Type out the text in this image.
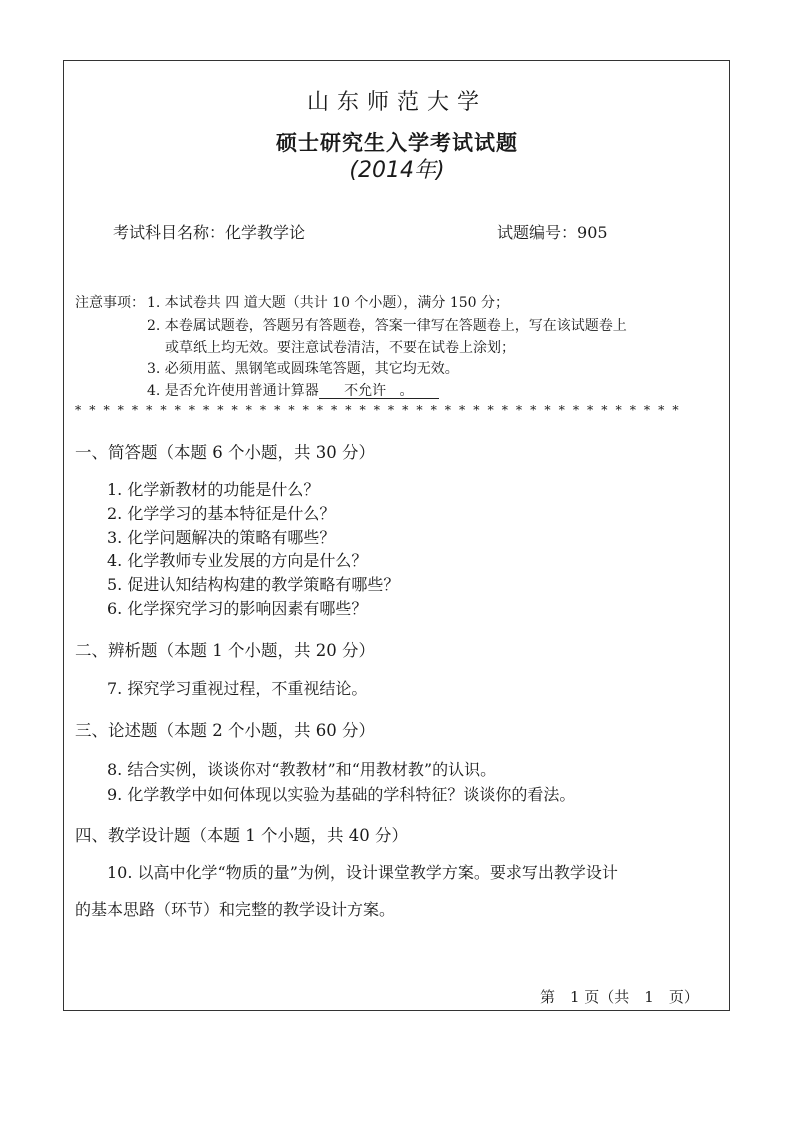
山东师范大学
硕士研究生入学考试试题
(2014年)
考试科目名称：化学教学论	试题编号：905
注意事项： 1. 本试卷共 四 道大题（共计 10 个小题），满分 150 分；
2. 本卷属试题卷，答题另有答题卷，答案一律写在答题卷上，写在该试题卷上
或草纸上均无效。要注意试卷清洁，不要在试卷上涂划；
3. 必须用蓝、黑钢笔或圆珠笔答题，其它均无效。
4. 是否允许使用普通计算器 不允许 。
* * * * * * * * * * * * * * * * * * * * * * * * * * * * * * * * * * * * * * * * * * *
一、简答题（本题 6 个小题，共 30 分）
1. 化学新教材的功能是什么？
2. 化学学习的基本特征是什么？
3. 化学问题解决的策略有哪些？
4. 化学教师专业发展的方向是什么？
5. 促进认知结构构建的教学策略有哪些？
6. 化学探究学习的影响因素有哪些？
二、辨析题（本题 1 个小题，共 20 分）
7. 探究学习重视过程，不重视结论。
三、论述题（本题 2 个小题，共 60 分）
8. 结合实例，谈谈你对“教教材”和“用教材教”的认识。
9. 化学教学中如何体现以实验为基础的学科特征？谈谈你的看法。
四、教学设计题（本题 1 个小题，共 40 分）
10. 以高中化学“物质的量”为例，设计课堂教学方案。要求写出教学设计
的基本思路（环节）和完整的教学设计方案。
第　1 页（共　1　页）
